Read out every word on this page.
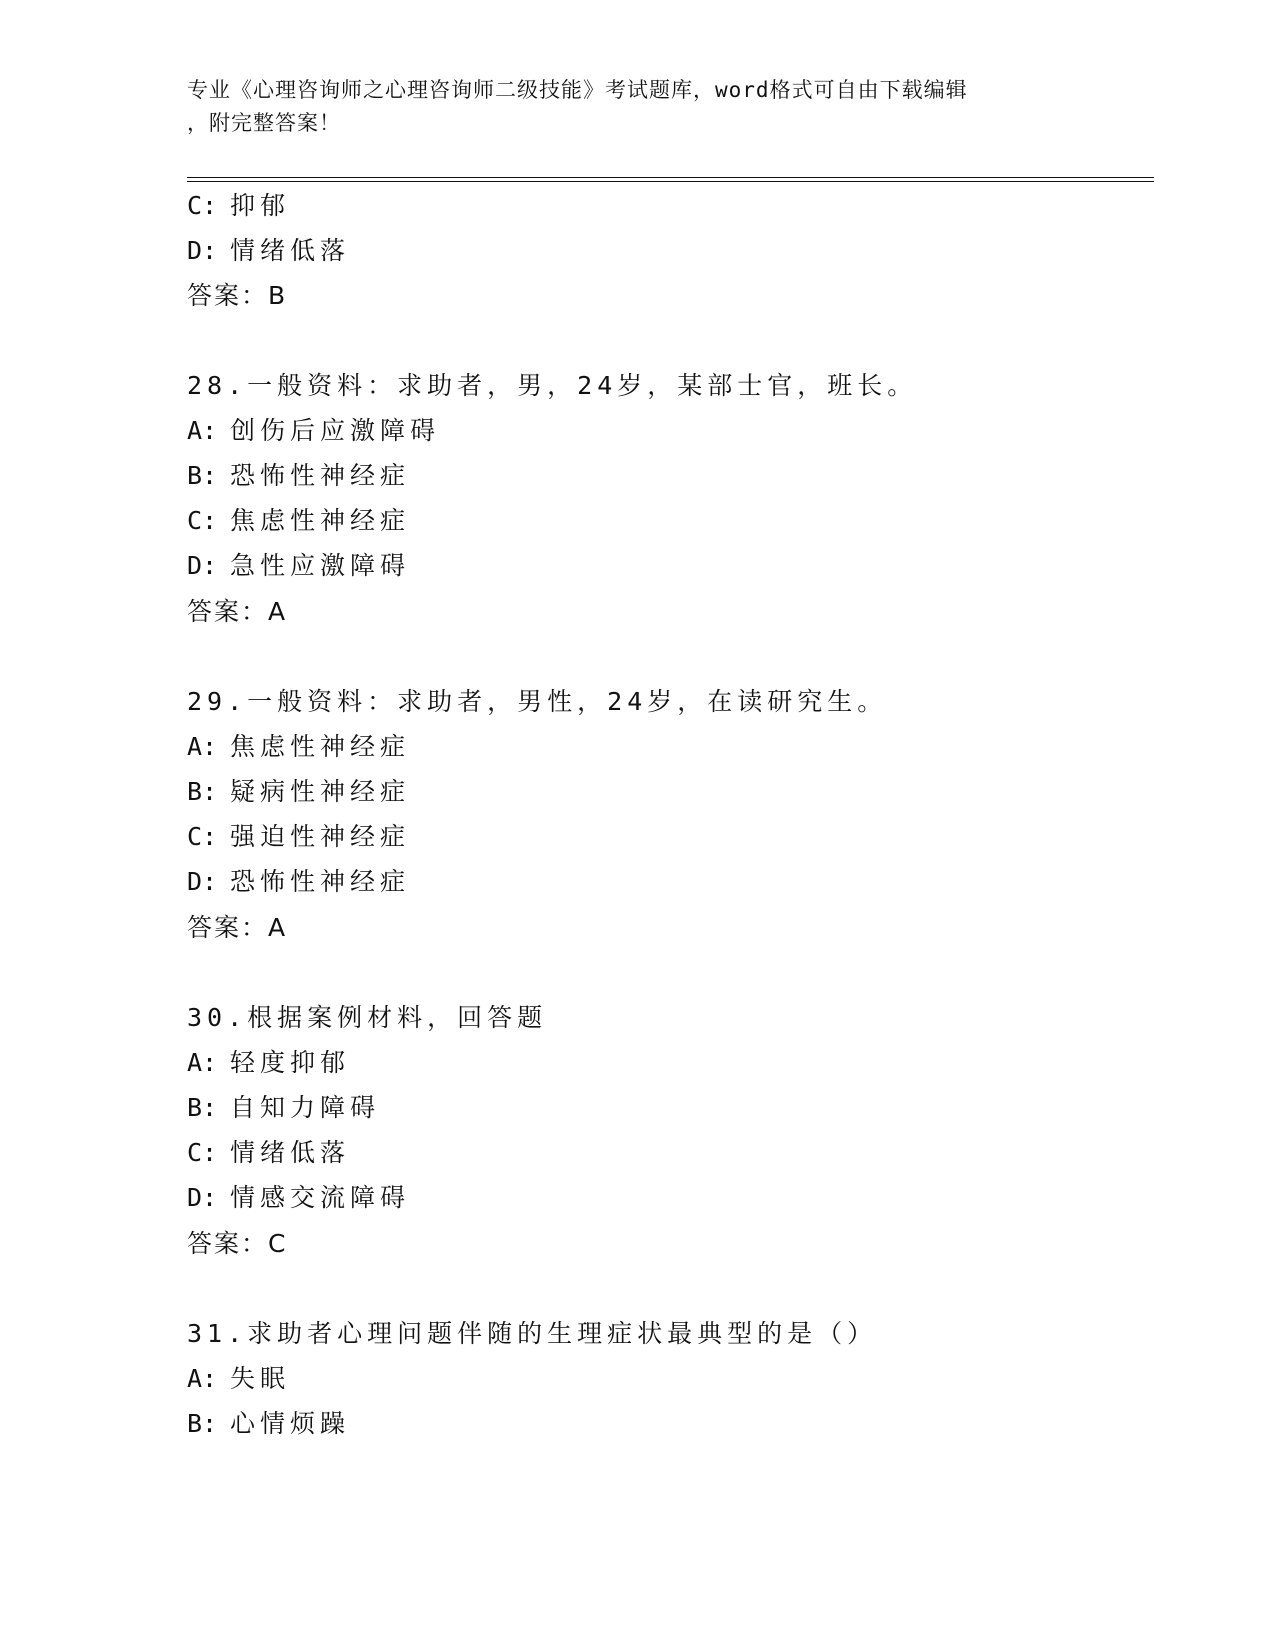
专业《心理咨询师之心理咨询师二级技能》考试题库，word格式可自由下载编辑
，附完整答案！
C: 抑郁
D: 情绪低落
答案：B
28.一般资料：求助者，男，24岁，某部士官，班长。
A: 创伤后应激障碍
B: 恐怖性神经症
C: 焦虑性神经症
D: 急性应激障碍
答案：A
29.一般资料：求助者，男性，24岁，在读研究生。
A: 焦虑性神经症
B: 疑病性神经症
C: 强迫性神经症
D: 恐怖性神经症
答案：A
30.根据案例材料，回答题
A: 轻度抑郁
B: 自知力障碍
C: 情绪低落
D: 情感交流障碍
答案：C
31.求助者心理问题伴随的生理症状最典型的是（）
A: 失眠
B: 心情烦躁
